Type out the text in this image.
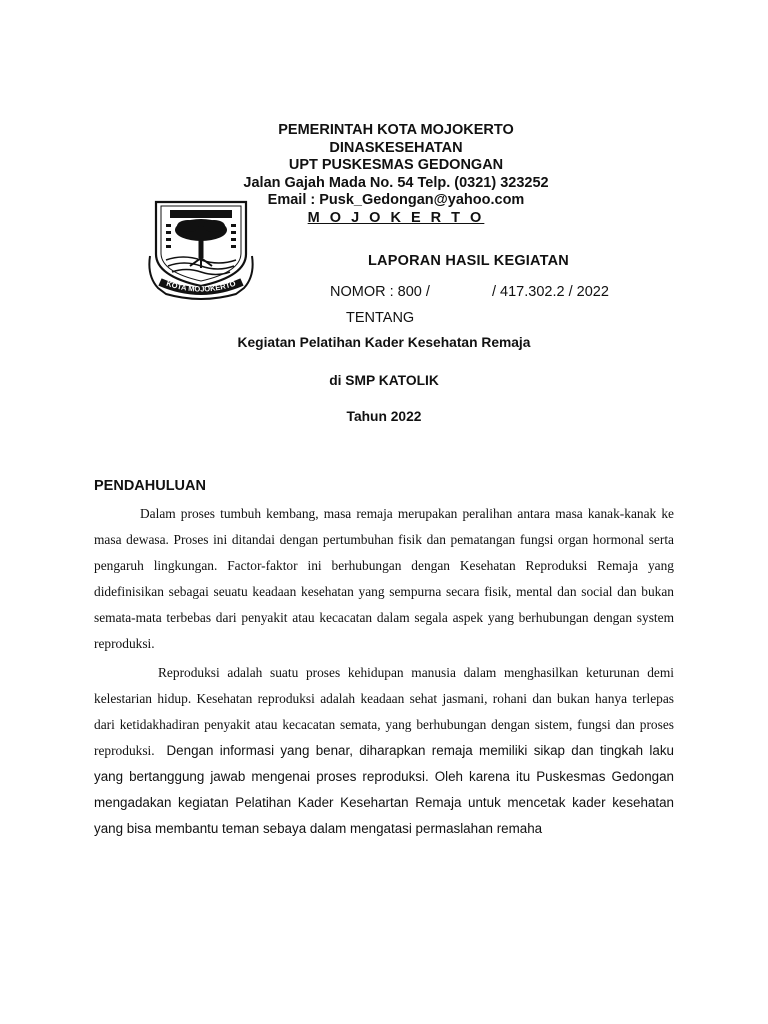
PEMERINTAH KOTA MOJOKERTO
DINASKESEHATAN
UPT PUSKESMAS GEDONGAN
Jalan Gajah Mada No. 54 Telp. (0321) 323252
Email : Pusk_Gedongan@yahoo.com
M O J O K E R T O
KOTA MOJOKERTO
LAPORAN HASIL KEGIATAN
NOMOR : 800 /	/ 417.302.2 / 2022
TENTANG
Kegiatan Pelatihan Kader Kesehatan Remaja
di SMP KATOLIK
Tahun 2022
PENDAHULUAN

Dalam proses tumbuh kembang, masa remaja merupakan peralihan antara masa kanak-kanak ke masa dewasa. Proses ini ditandai dengan pertumbuhan fisik dan pematangan fungsi organ hormonal serta pengaruh lingkungan. Factor-faktor ini berhubungan dengan Kesehatan Reproduksi Remaja yang didefinisikan sebagai seuatu keadaan kesehatan yang sempurna secara fisik, mental dan social dan bukan semata-mata terbebas dari penyakit atau kecacatan dalam segala aspek yang berhubungan dengan system reproduksi.

Reproduksi adalah suatu proses kehidupan manusia dalam menghasilkan keturunan demi kelestarian hidup. Kesehatan reproduksi adalah keadaan sehat jasmani, rohani dan bukan hanya terlepas dari ketidakhadiran penyakit atau kecacatan semata, yang berhubungan dengan sistem, fungsi dan proses reproduksi. Dengan informasi yang benar, diharapkan remaja memiliki sikap dan tingkah laku yang bertanggung jawab mengenai proses reproduksi. Oleh karena itu Puskesmas Gedongan mengadakan kegiatan Pelatihan Kader Kesehartan Remaja untuk mencetak kader kesehatan yang bisa membantu teman sebaya dalam mengatasi permaslahan remaha
